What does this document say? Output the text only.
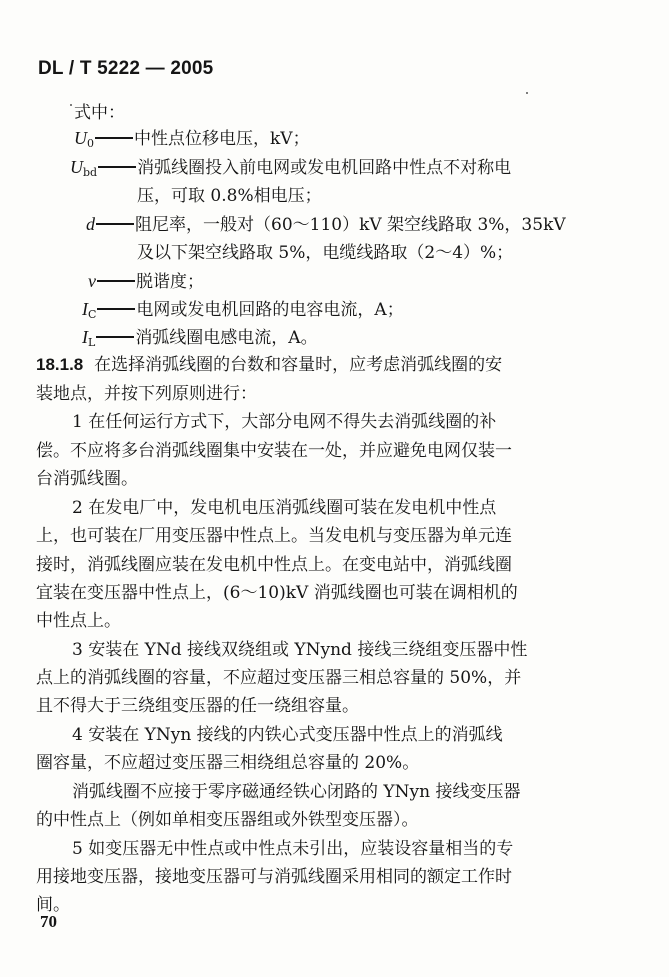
DL / T 5222 — 2005
式中：
$U_0$ 中性点位移电压，kV；
$U_{bd}$ 消弧线圈投入前电网或发电机回路中性点不对称电
压，可取 0.8%相电压；
d 阻尼率，一般对（60～110）kV 架空线路取 3%，35kV
及以下架空线路取 5%，电缆线路取（2～4）%；
v 脱谐度；
$I_C$ 电网或发电机回路的电容电流，A；
$I_L$ 消弧线圈电感电流，A。
18.1.8 在选择消弧线圈的台数和容量时，应考虑消弧线圈的安
装地点，并按下列原则进行：
1 在任何运行方式下，大部分电网不得失去消弧线圈的补
偿。不应将多台消弧线圈集中安装在一处，并应避免电网仅装一
台消弧线圈。
2 在发电厂中，发电机电压消弧线圈可装在发电机中性点
上，也可装在厂用变压器中性点上。当发电机与变压器为单元连
接时，消弧线圈应装在发电机中性点上。在变电站中，消弧线圈
宜装在变压器中性点上，(6～10)kV 消弧线圈也可装在调相机的
中性点上。
3 安装在 YNd 接线双绕组或 YNynd 接线三绕组变压器中性
点上的消弧线圈的容量，不应超过变压器三相总容量的 50%，并
且不得大于三绕组变压器的任一绕组容量。
4 安装在 YNyn 接线的内铁心式变压器中性点上的消弧线
圈容量，不应超过变压器三相绕组总容量的 20%。
消弧线圈不应接于零序磁通经铁心闭路的 YNyn 接线变压器
的中性点上（例如单相变压器组或外铁型变压器）。
5 如变压器无中性点或中性点未引出，应装设容量相当的专
用接地变压器，接地变压器可与消弧线圈采用相同的额定工作时
间。
70
